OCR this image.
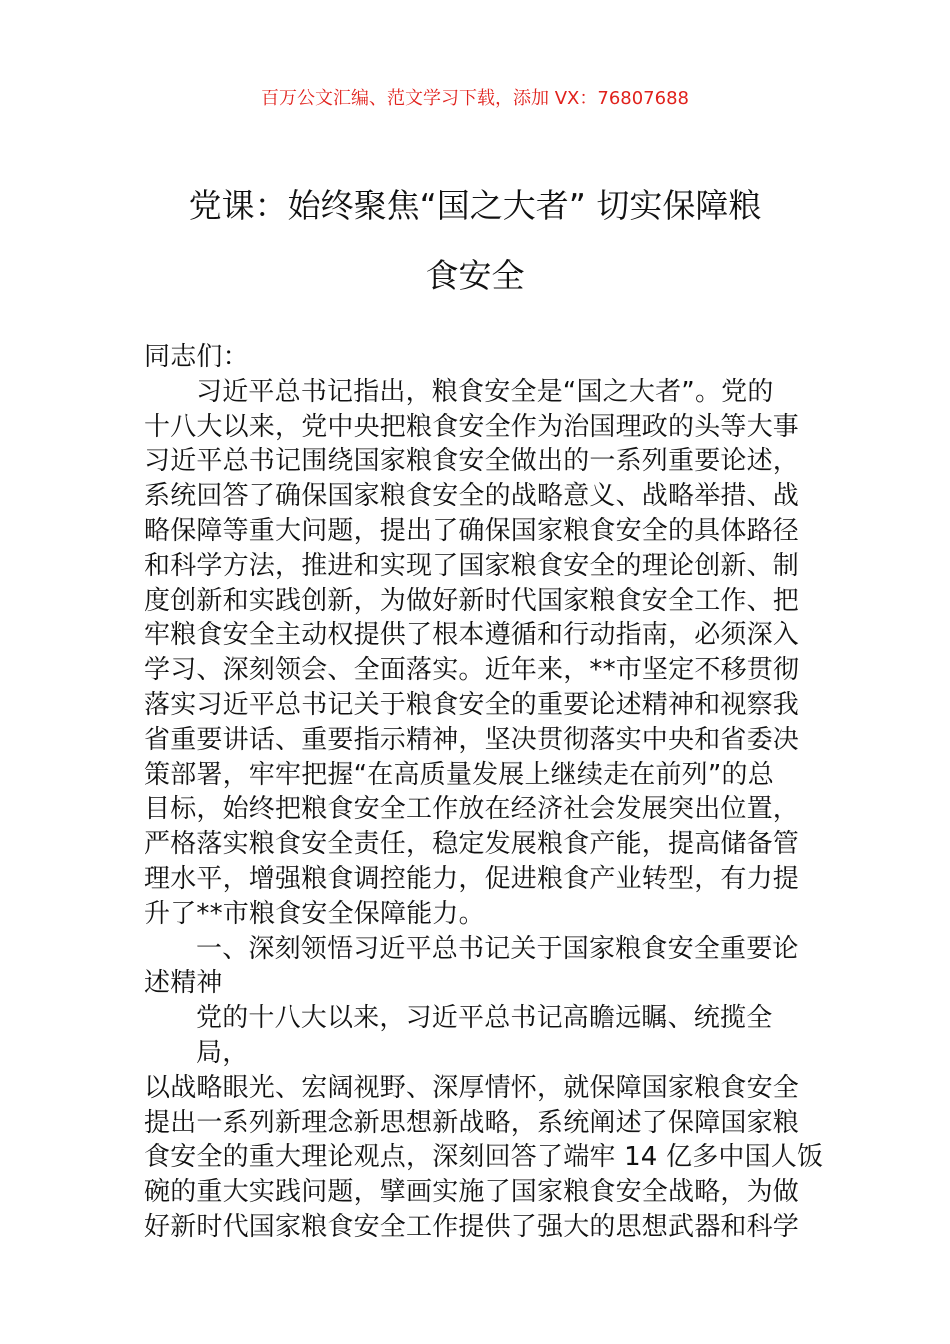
百万公文汇编、范文学习下载，添加 VX：76807688
党课：始终聚焦“国之大者” 切实保障粮
食安全
同志们：
习近平总书记指出，粮食安全是“国之大者”。党的
十八大以来，党中央把粮食安全作为治国理政的头等大事
习近平总书记围绕国家粮食安全做出的一系列重要论述，
系统回答了确保国家粮食安全的战略意义、战略举措、战
略保障等重大问题，提出了确保国家粮食安全的具体路径
和科学方法，推进和实现了国家粮食安全的理论创新、制
度创新和实践创新，为做好新时代国家粮食安全工作、把
牢粮食安全主动权提供了根本遵循和行动指南，必须深入
学习、深刻领会、全面落实。近年来，**市坚定不移贯彻
落实习近平总书记关于粮食安全的重要论述精神和视察我
省重要讲话、重要指示精神，坚决贯彻落实中央和省委决
策部署，牢牢把握“在高质量发展上继续走在前列”的总
目标，始终把粮食安全工作放在经济社会发展突出位置，
严格落实粮食安全责任，稳定发展粮食产能，提高储备管
理水平，增强粮食调控能力，促进粮食产业转型，有力提
升了**市粮食安全保障能力。
一、深刻领悟习近平总书记关于国家粮食安全重要论
述精神
党的十八大以来，习近平总书记高瞻远瞩、统揽全局，
以战略眼光、宏阔视野、深厚情怀，就保障国家粮食安全
提出一系列新理念新思想新战略，系统阐述了保障国家粮
食安全的重大理论观点，深刻回答了端牢 14 亿多中国人饭
碗的重大实践问题，擘画实施了国家粮食安全战略，为做
好新时代国家粮食安全工作提供了强大的思想武器和科学
